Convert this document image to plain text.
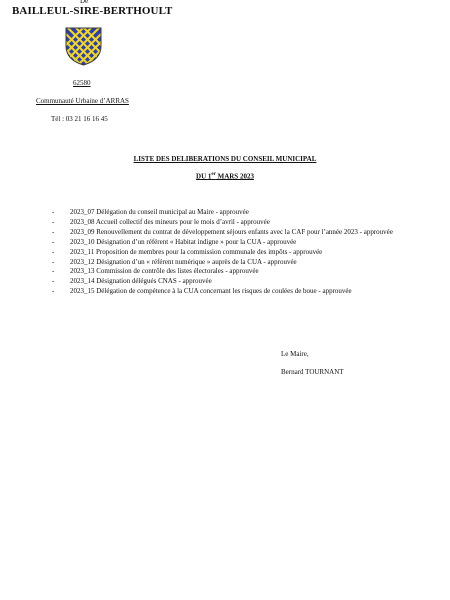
De
BAILLEUL-SIRE-BERTHOULT
62580
Communauté Urbaine d’ARRAS
Tél : 03 21 16 16 45
LISTE DES DELIBERATIONS DU CONSEIL MUNICIPAL
DU 1er MARS 2023
- 2023_07 Délégation du conseil municipal au Maire - approuvée
- 2023_08 Accueil collectif des mineurs pour le mois d’avril - approuvée
- 2023_09 Renouvellement du contrat de développement séjours enfants avec la CAF pour l’année 2023 - approuvée
- 2023_10 Désignation d’un référent « Habitat indigne » pour la CUA - approuvée
- 2023_11 Proposition de membres pour la commission communale des impôts - approuvée
- 2023_12 Désignation d’un « référent numérique » auprès de la CUA - approuvée
- 2023_13 Commission de contrôle des listes électorales - approuvée
- 2023_14 Désignation délégués CNAS - approuvée
- 2023_15 Délégation de compétence à la CUA concernant les risques de coulées de boue - approuvée
Le Maire,
Bernard TOURNANT
